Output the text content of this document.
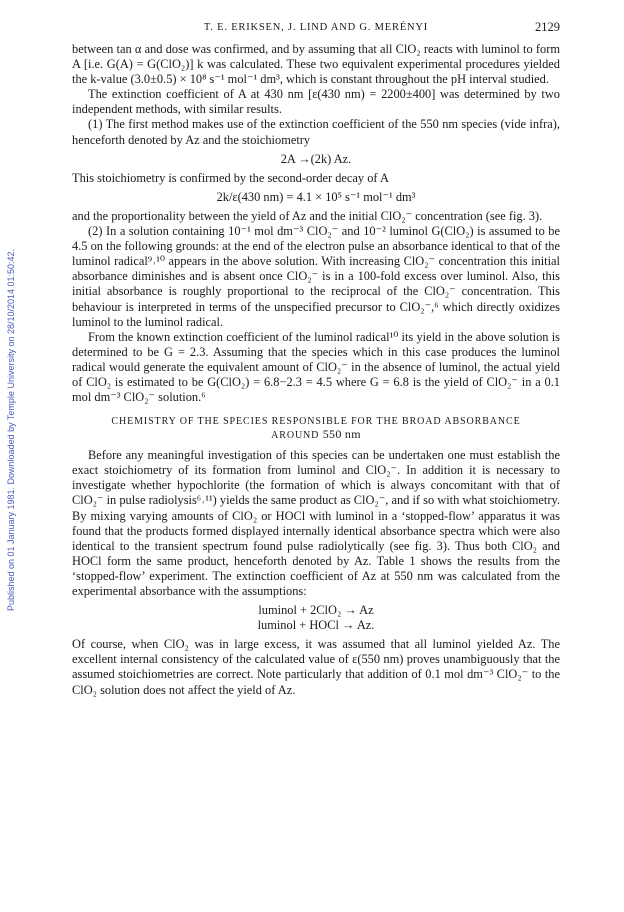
Published on 01 January 1981. Downloaded by Temple University on 28/10/2014 01:50:42.
T. E. ERIKSEN, J. LIND AND G. MERÉNYI	2129

between tan α and dose was confirmed, and by assuming that all ClO₂ reacts with luminol to form A [i.e. G(A) = G(ClO₂)] k was calculated. These two equivalent experimental procedures yielded the k-value (3.0±0.5) × 10⁸ s⁻¹ mol⁻¹ dm³, which is constant throughout the pH interval studied.

The extinction coefficient of A at 430 nm [ε(430 nm) = 2200±400] was determined by two independent methods, with similar results.

(1) The first method makes use of the extinction coefficient of the 550 nm species (vide infra), henceforth denoted by Az and the stoichiometry

2A →(2k) Az.

This stoichiometry is confirmed by the second-order decay of A

2k/ε(430 nm) = 4.1 × 10⁵ s⁻¹ mol⁻¹ dm³

and the proportionality between the yield of Az and the initial ClO₂⁻ concentration (see fig. 3).

(2) In a solution containing 10⁻¹ mol dm⁻³ ClO₂⁻ and 10⁻² luminol G(ClO₂) is assumed to be 4.5 on the following grounds: at the end of the electron pulse an absorbance identical to that of the luminol radical⁹˒¹⁰ appears in the above solution. With increasing ClO₂⁻ concentration this initial absorbance diminishes and is absent once ClO₂⁻ is in a 100-fold excess over luminol. Also, this initial absorbance is roughly proportional to the reciprocal of the ClO₂⁻ concentration. This behaviour is interpreted in terms of the unspecified precursor to ClO₂⁻,⁶ which directly oxidizes luminol to the luminol radical.

From the known extinction coefficient of the luminol radical¹⁰ its yield in the above solution is determined to be G = 2.3. Assuming that the species which in this case produces the luminol radical would generate the equivalent amount of ClO₂⁻ in the absence of luminol, the actual yield of ClO₂ is estimated to be G(ClO₂) = 6.8−2.3 = 4.5 where G = 6.8 is the yield of ClO₂⁻ in a 0.1 mol dm⁻³ ClO₂⁻ solution.⁶

CHEMISTRY OF THE SPECIES RESPONSIBLE FOR THE BROAD ABSORBANCE
AROUND 550 nm

Before any meaningful investigation of this species can be undertaken one must establish the exact stoichiometry of its formation from luminol and ClO₂⁻. In addition it is necessary to investigate whether hypochlorite (the formation of which is always concomitant with that of ClO₂⁻ in pulse radiolysis⁶˒¹¹) yields the same product as ClO₂⁻, and if so with what stoichiometry. By mixing varying amounts of ClO₂ or HOCl with luminol in a ‘stopped-flow’ apparatus it was found that the products formed displayed internally identical absorbance spectra which were also identical to the transient spectrum found pulse radiolytically (see fig. 3). Thus both ClO₂ and HOCl form the same product, henceforth denoted by Az. Table 1 shows the results from the ‘stopped-flow’ experiment. The extinction coefficient of Az at 550 nm was calculated from the experimental absorbance with the assumptions:

luminol + 2ClO₂ → Az

luminol + HOCl → Az.

Of course, when ClO₂ was in large excess, it was assumed that all luminol yielded Az. The excellent internal consistency of the calculated value of ε(550 nm) proves unambiguously that the assumed stoichiometries are correct. Note particularly that addition of 0.1 mol dm⁻³ ClO₂⁻ to the ClO₂ solution does not affect the yield of Az.
